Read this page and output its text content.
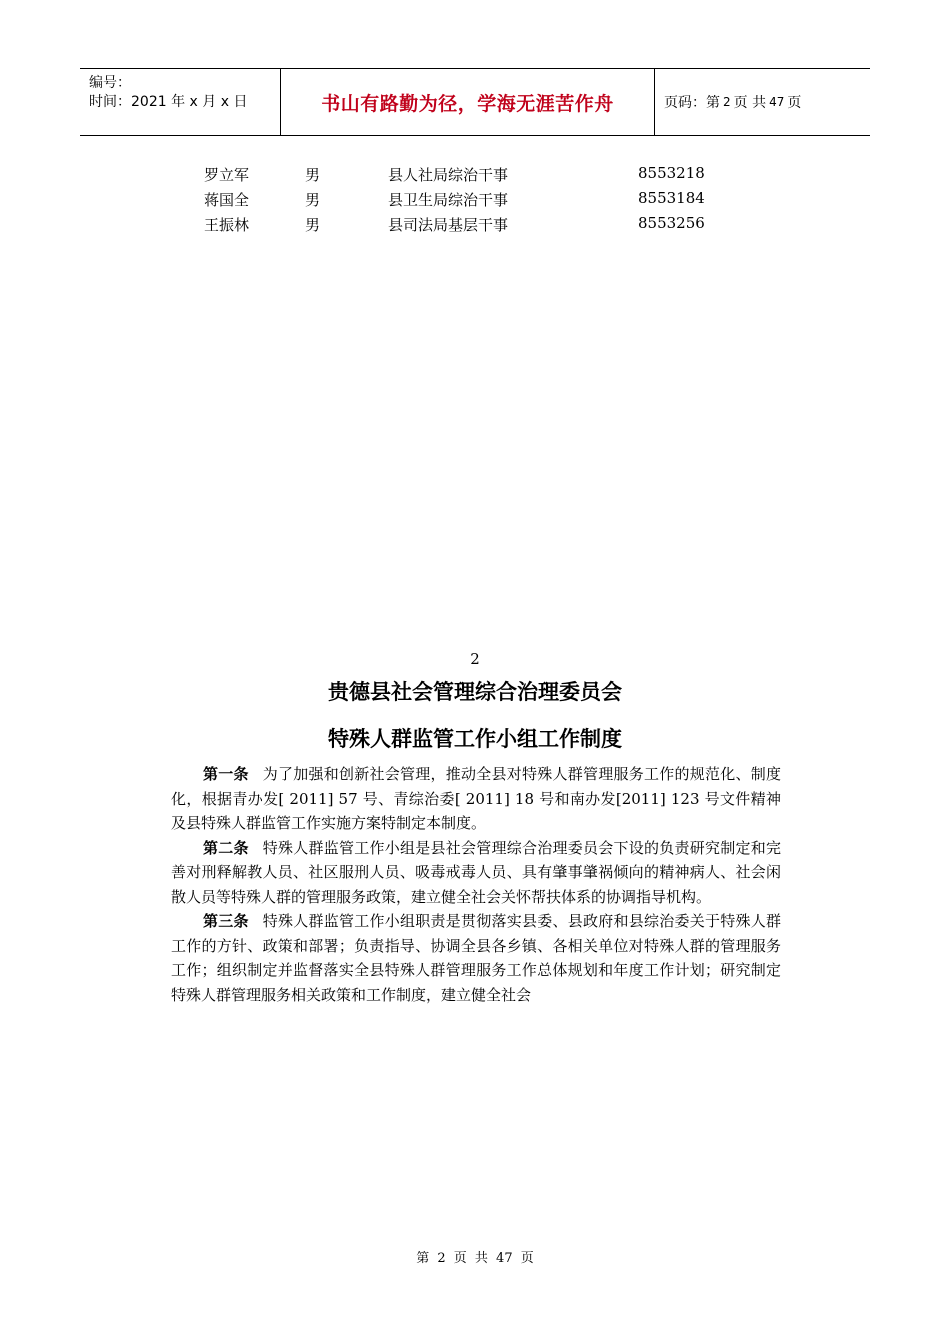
编号：
时间：2021 年 x 月 x 日	书山有路勤为径，学海无涯苦作舟	页码：第 2 页 共 47 页
罗立军	男	县人社局综治干事	8553218
蒋国全	男	县卫生局综治干事	8553184
王振林	男	县司法局基层干事	8553256
2
贵德县社会管理综合治理委员会
特殊人群监管工作小组工作制度

第一条 为了加强和创新社会管理，推动全县对特殊人群管理服务工作的规范化、制度化，根据青办发[ 2011] 57 号、青综治委[ 2011] 18 号和南办发[2011] 123 号文件精神及县特殊人群监管工作实施方案特制定本制度。

第二条 特殊人群监管工作小组是县社会管理综合治理委员会下设的负责研究制定和完善对刑释解教人员、社区服刑人员、吸毒戒毒人员、具有肇事肇祸倾向的精神病人、社会闲散人员等特殊人群的管理服务政策，建立健全社会关怀帮扶体系的协调指导机构。

第三条 特殊人群监管工作小组职责是贯彻落实县委、县政府和县综治委关于特殊人群工作的方针、政策和部署；负责指导、协调全县各乡镇、各相关单位对特殊人群的管理服务工作；组织制定并监督落实全县特殊人群管理服务工作总体规划和年度工作计划；研究制定特殊人群管理服务相关政策和工作制度，建立健全社会

第 2 页 共 47 页
